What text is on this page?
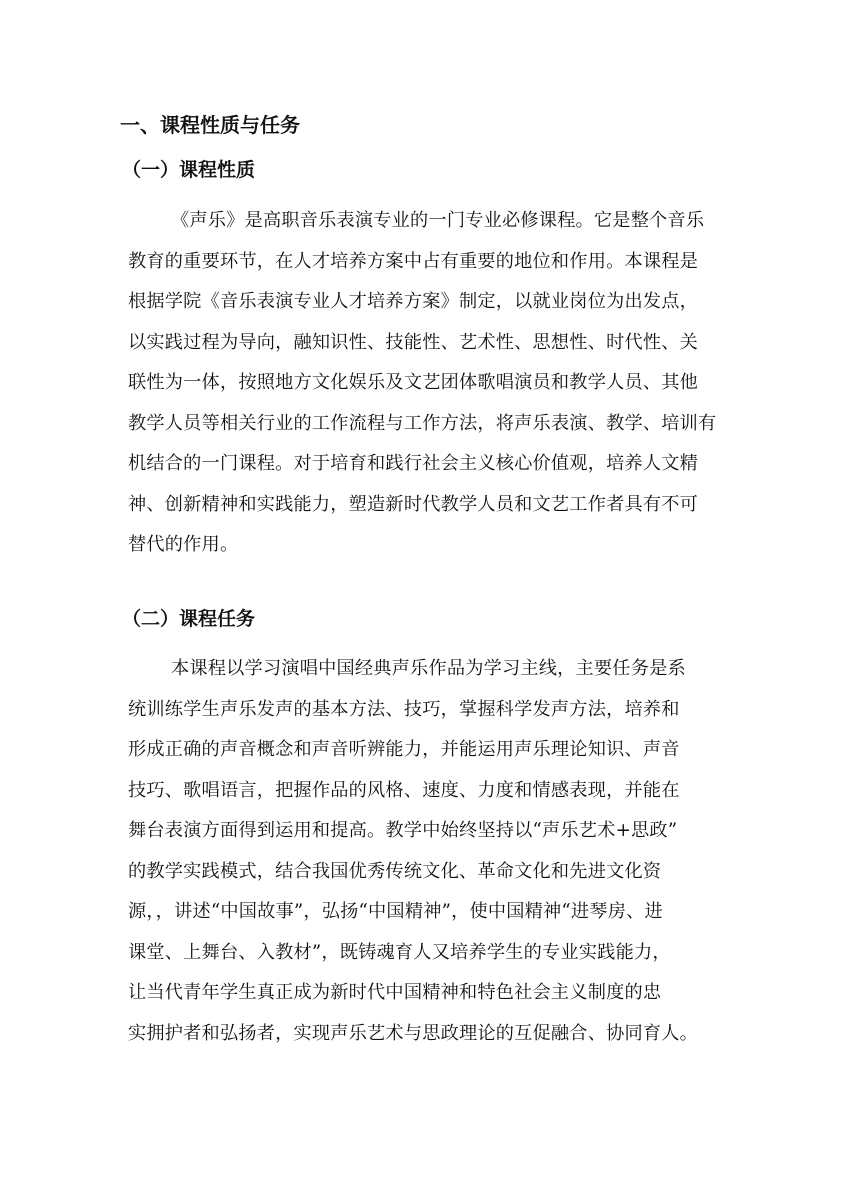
一、课程性质与任务
（一）课程性质
《声乐》是高职音乐表演专业的一门专业必修课程。它是整个音乐
教育的重要环节，在人才培养方案中占有重要的地位和作用。本课程是
根据学院《音乐表演专业人才培养方案》制定，以就业岗位为出发点，
以实践过程为导向，融知识性、技能性、艺术性、思想性、时代性、关
联性为一体，按照地方文化娱乐及文艺团体歌唱演员和教学人员、其他
教学人员等相关行业的工作流程与工作方法，将声乐表演、教学、培训有
机结合的一门课程。对于培育和践行社会主义核心价值观，培养人文精
神、创新精神和实践能力，塑造新时代教学人员和文艺工作者具有不可
替代的作用。
（二）课程任务
本课程以学习演唱中国经典声乐作品为学习主线，主要任务是系
统训练学生声乐发声的基本方法、技巧，掌握科学发声方法，培养和
形成正确的声音概念和声音听辨能力，并能运用声乐理论知识、声音
技巧、歌唱语言，把握作品的风格、速度、力度和情感表现，并能在
舞台表演方面得到运用和提高。教学中始终坚持以“声乐艺术+思政”
的教学实践模式，结合我国优秀传统文化、革命文化和先进文化资
源，，讲述“中国故事”，弘扬“中国精神”，使中国精神“进琴房、进
课堂、上舞台、入教材”，既铸魂育人又培养学生的专业实践能力，
让当代青年学生真正成为新时代中国精神和特色社会主义制度的忠
实拥护者和弘扬者，实现声乐艺术与思政理论的互促融合、协同育人。
